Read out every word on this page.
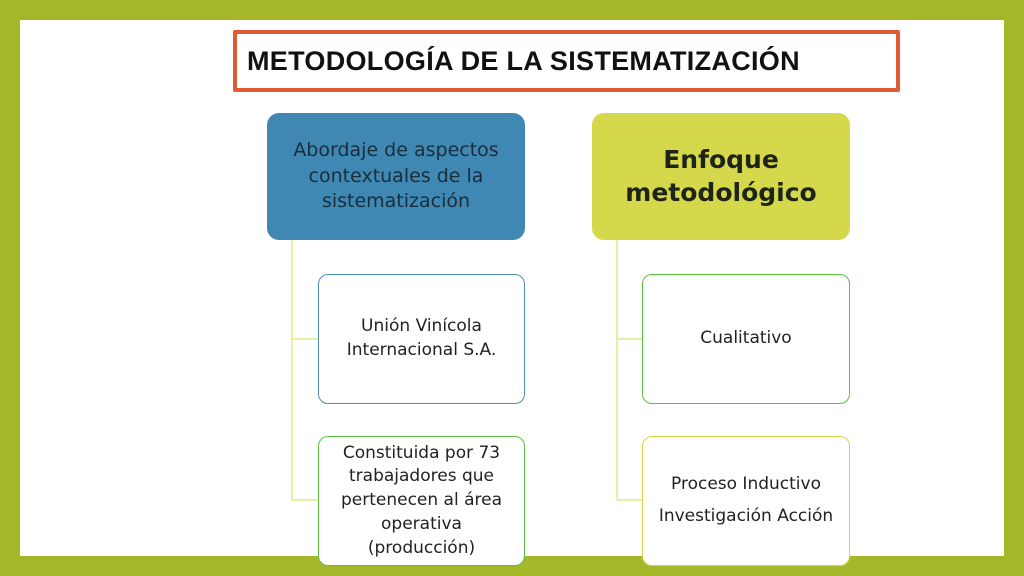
METODOLOGÍA DE LA SISTEMATIZACIÓN
Abordaje de aspectos contextuales de la sistematización
Enfoque metodológico
Unión Vinícola Internacional S.A.
Constituida por 73 trabajadores que pertenecen al área operativa (producción)
Cualitativo
Proceso Inductivo
Investigación Acción
